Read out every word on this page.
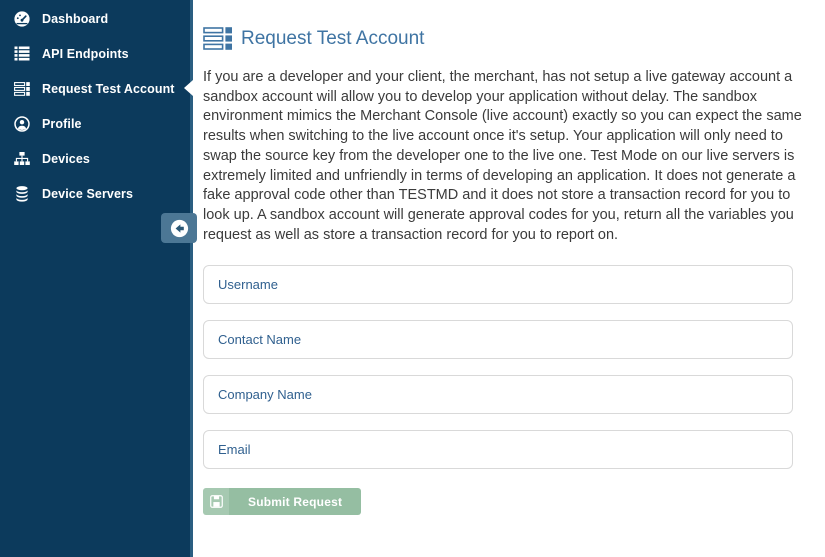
Dashboard
API Endpoints
Request Test Account
Profile
Devices
Device Servers
Request Test Account

If you are a developer and your client, the merchant, has not setup a live gateway account a sandbox account will allow you to develop your application without delay. The sandbox environment mimics the Merchant Console (live account) exactly so you can expect the same results when switching to the live account once it's setup. Your application will only need to swap the source key from the developer one to the live one. Test Mode on our live servers is extremely limited and unfriendly in terms of developing an application. It does not generate a fake approval code other than TESTMD and it does not store a transaction record for you to look up. A sandbox account will generate approval codes for you, return all the variables you request as well as store a transaction record for you to report on.

Username
Contact Name
Company Name
Email
Submit Request
